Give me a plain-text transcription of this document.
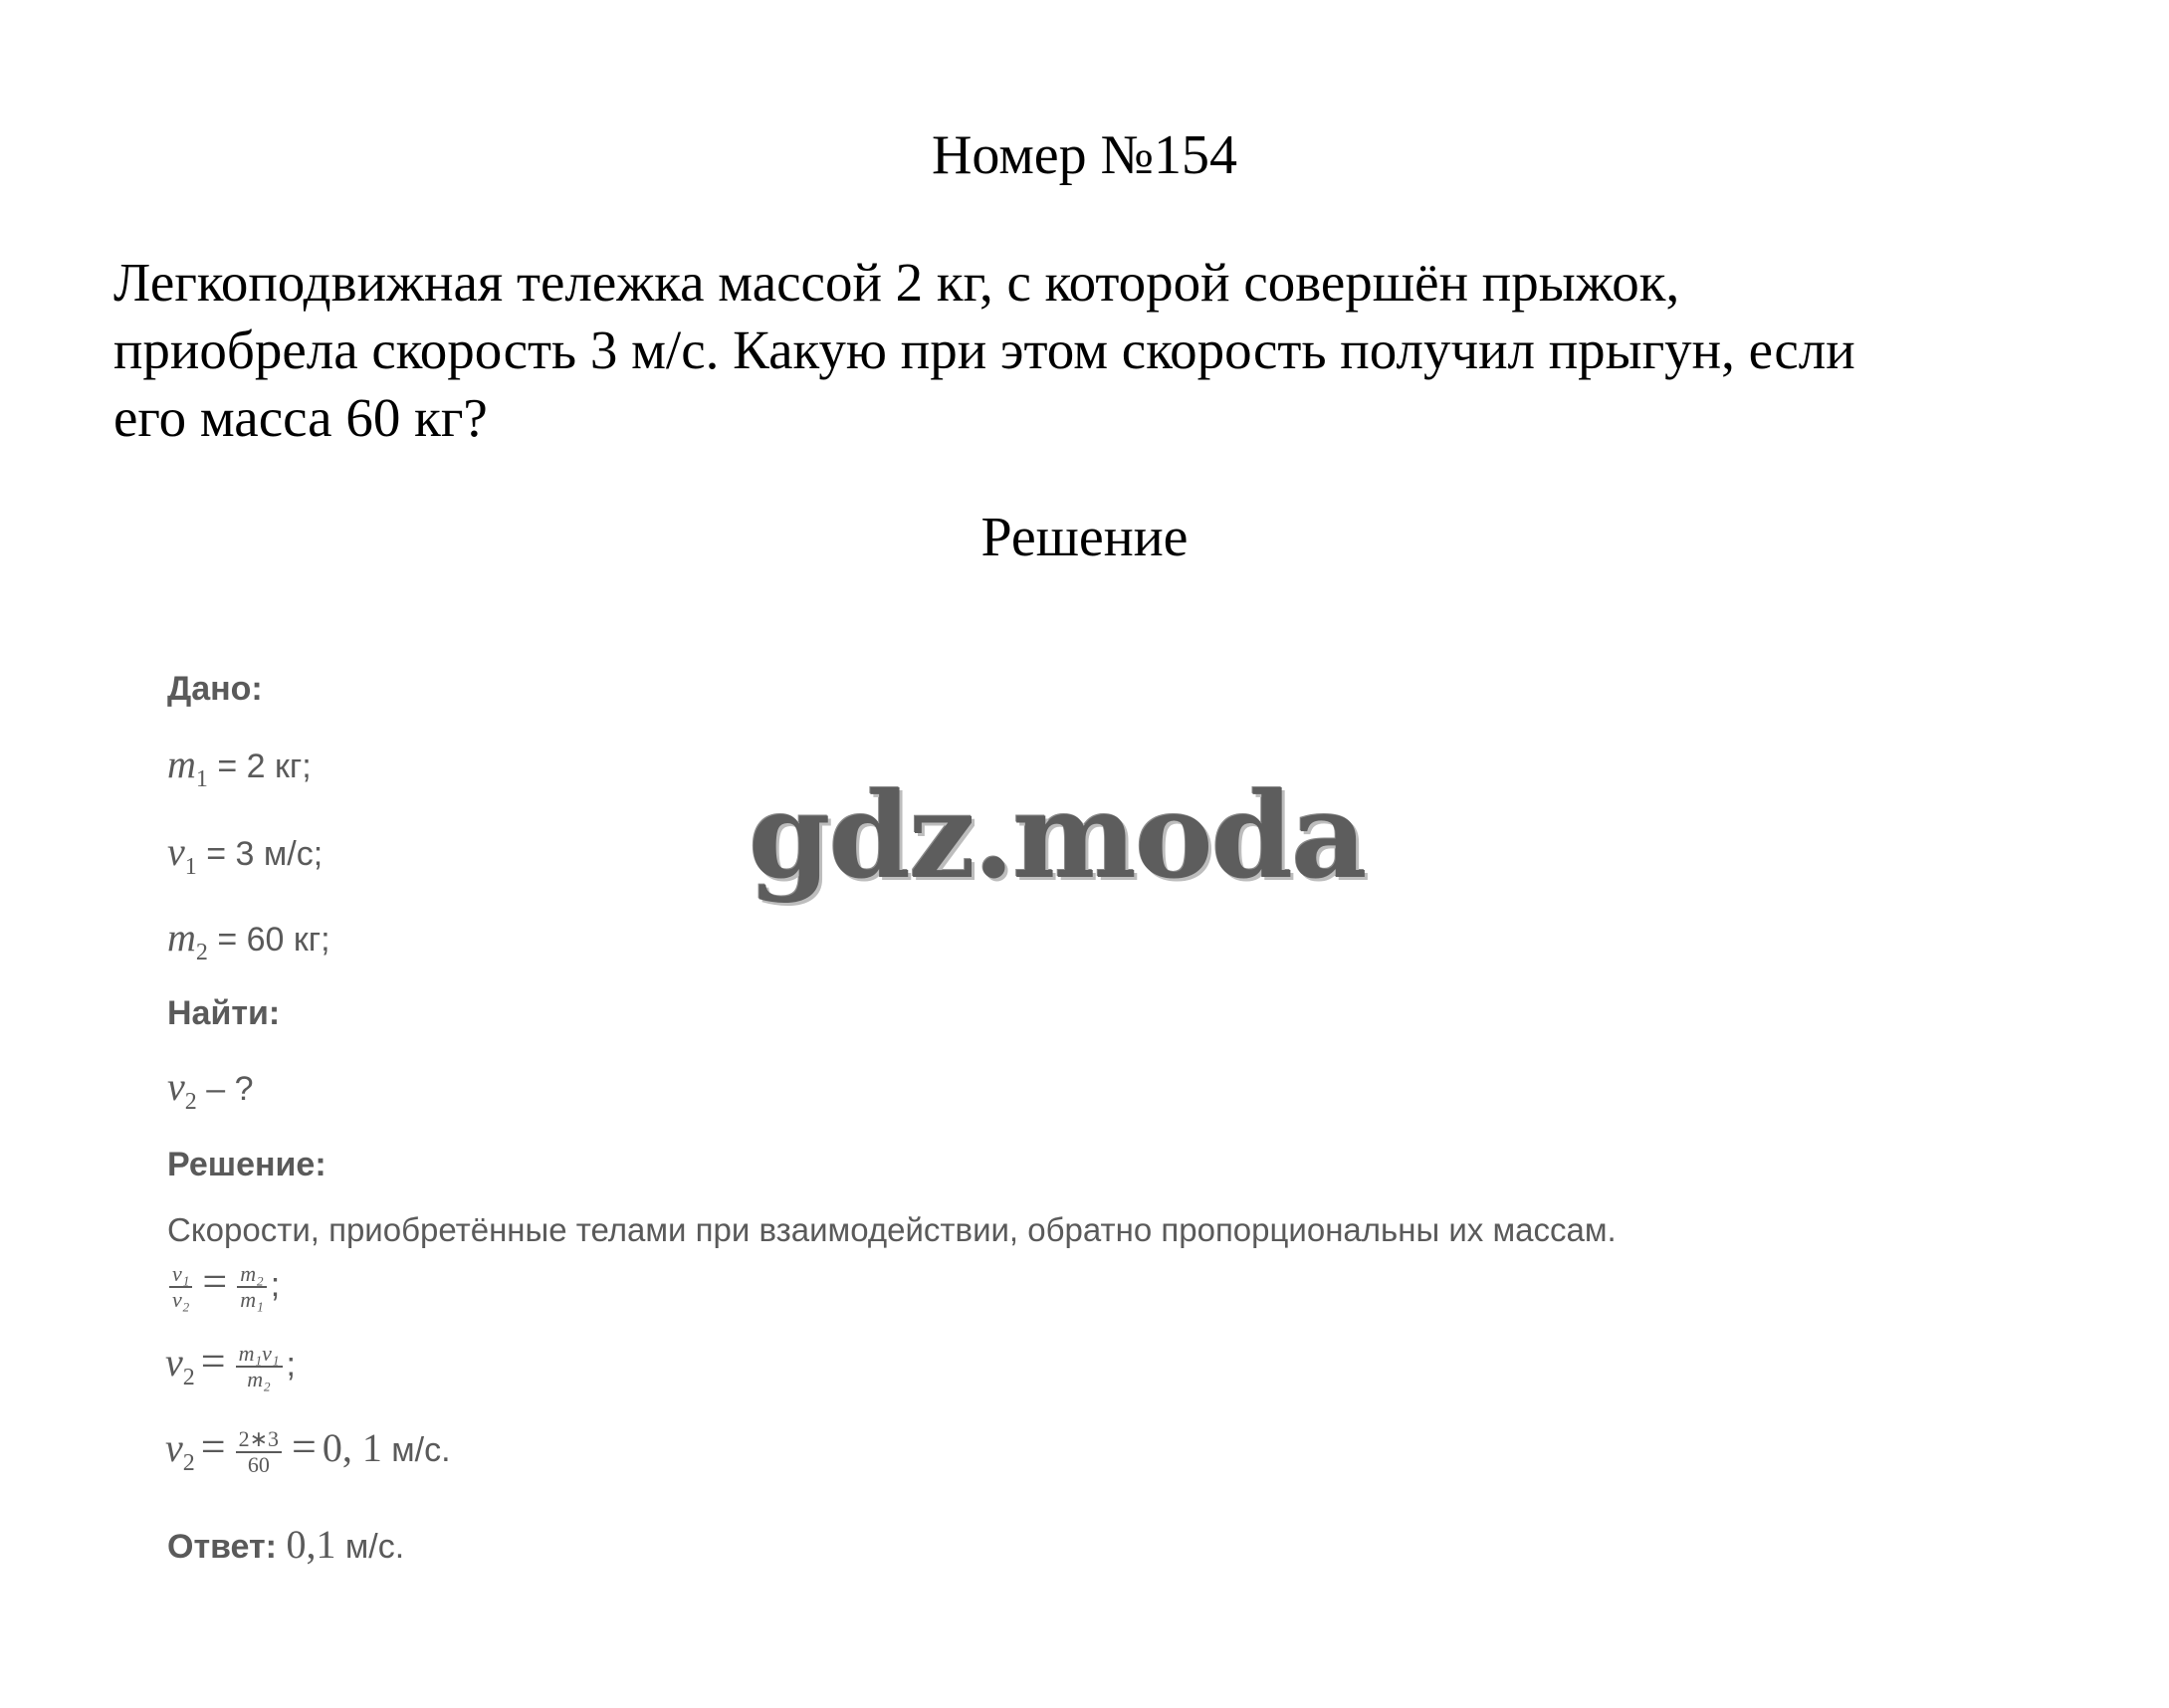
Номер №154
Легкоподвижная тележка массой 2 кг, с которой совершён прыжок,
приобрела скорость 3 м/с. Какую при этом скорость получил прыгун, если
его масса 60 кг?
Решение
Дано:
$m_1 = 2$ кг;
$v_1 = 3$ м/с;
$m_2 = 60$ кг;
Найти:
$v_2$ – ?
Решение:
Скорости, приобретённые телами при взаимодействии, обратно пропорциональны их массам.
$\frac{\text{v₁}}{\text{v₂}} = \frac{\text{m₂}}{\text{m₁}}$ ;
$v_2 = \frac{\text{m₁v₁}}{\text{m₂}}$ ;
$v_2 = \frac{2∗3}{60} = 0$, 1 м/с.
Ответ: 0,1 м/с.
gdz.moda
